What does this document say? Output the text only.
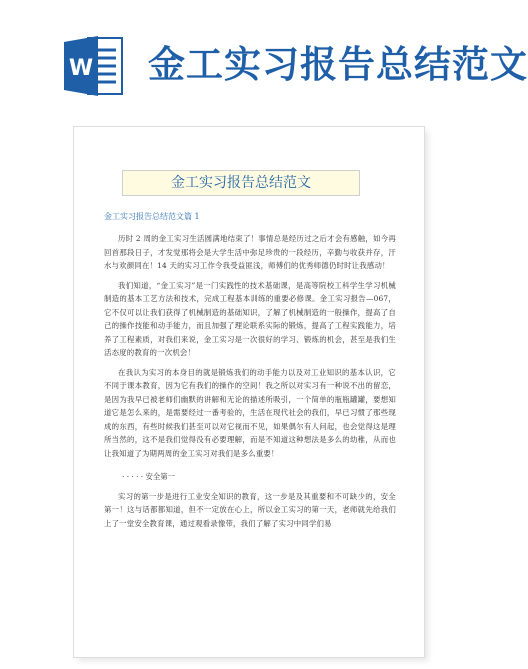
W 金工实习报告总结范文
金工实习报告总结范文
金工实习报告总结范文篇 1

历时 2 周的金工实习生活圆满地结束了！事情总是经历过之后才会有感触，如今再回首那段日子，才发觉那将会是大学生活中弥足珍贵的一段经历，辛勤与收获并存，汗水与欢颜同在！14 天的实习工作令我受益匪浅，师傅们的优秀师德仍时时让我感动！

我们知道，“金工实习”是一门实践性的技术基础课，是高等院校工科学生学习机械制造的基本工艺方法和技术，完成工程基本训练的重要必修课。金工实习报告—067，它不仅可以让我们获得了机械制造的基础知识，了解了机械制造的一般操作，提高了自己的操作技能和动手能力，而且加强了理论联系实际的锻炼，提高了工程实践能力，培养了工程素质，对我们来说，金工实习是一次很好的学习、锻炼的机会，甚至是我们生活态度的教育的一次机会！

在我认为实习的本身目的就是锻炼我们的动手能力以及对工业知识的基本认识，它不同于课本教育，因为它有我们的操作的空间！我之所以对实习有一种说不出的留恋，是因为我早已被老师们幽默的讲解和无论的描述所吸引，一个简单的瓶瓶罐罐，要想知道它是怎么来的，是需要经过一番考验的，生活在现代社会的我们，早已习惯了那些现成的东西，有些时候我们甚至可以对它视而不见，如果偶尔有人问起，也会觉得这是理所当然的，这不是我们觉得没有必要理解，而是不知道这种想法是多么的幼稚，从而也让我知道了为期两周的金工实习对我们是多么重要！

· · · · · 安全第一

实习的第一步是进行工业安全知识的教育，这一步是及其重要和不可缺少的，安全第一！这与话都都知道，但不一定放在心上，所以金工实习的第一天，老师就先给我们上了一堂安全教育课，通过观看录像带，我们了解了实习中同学们易
